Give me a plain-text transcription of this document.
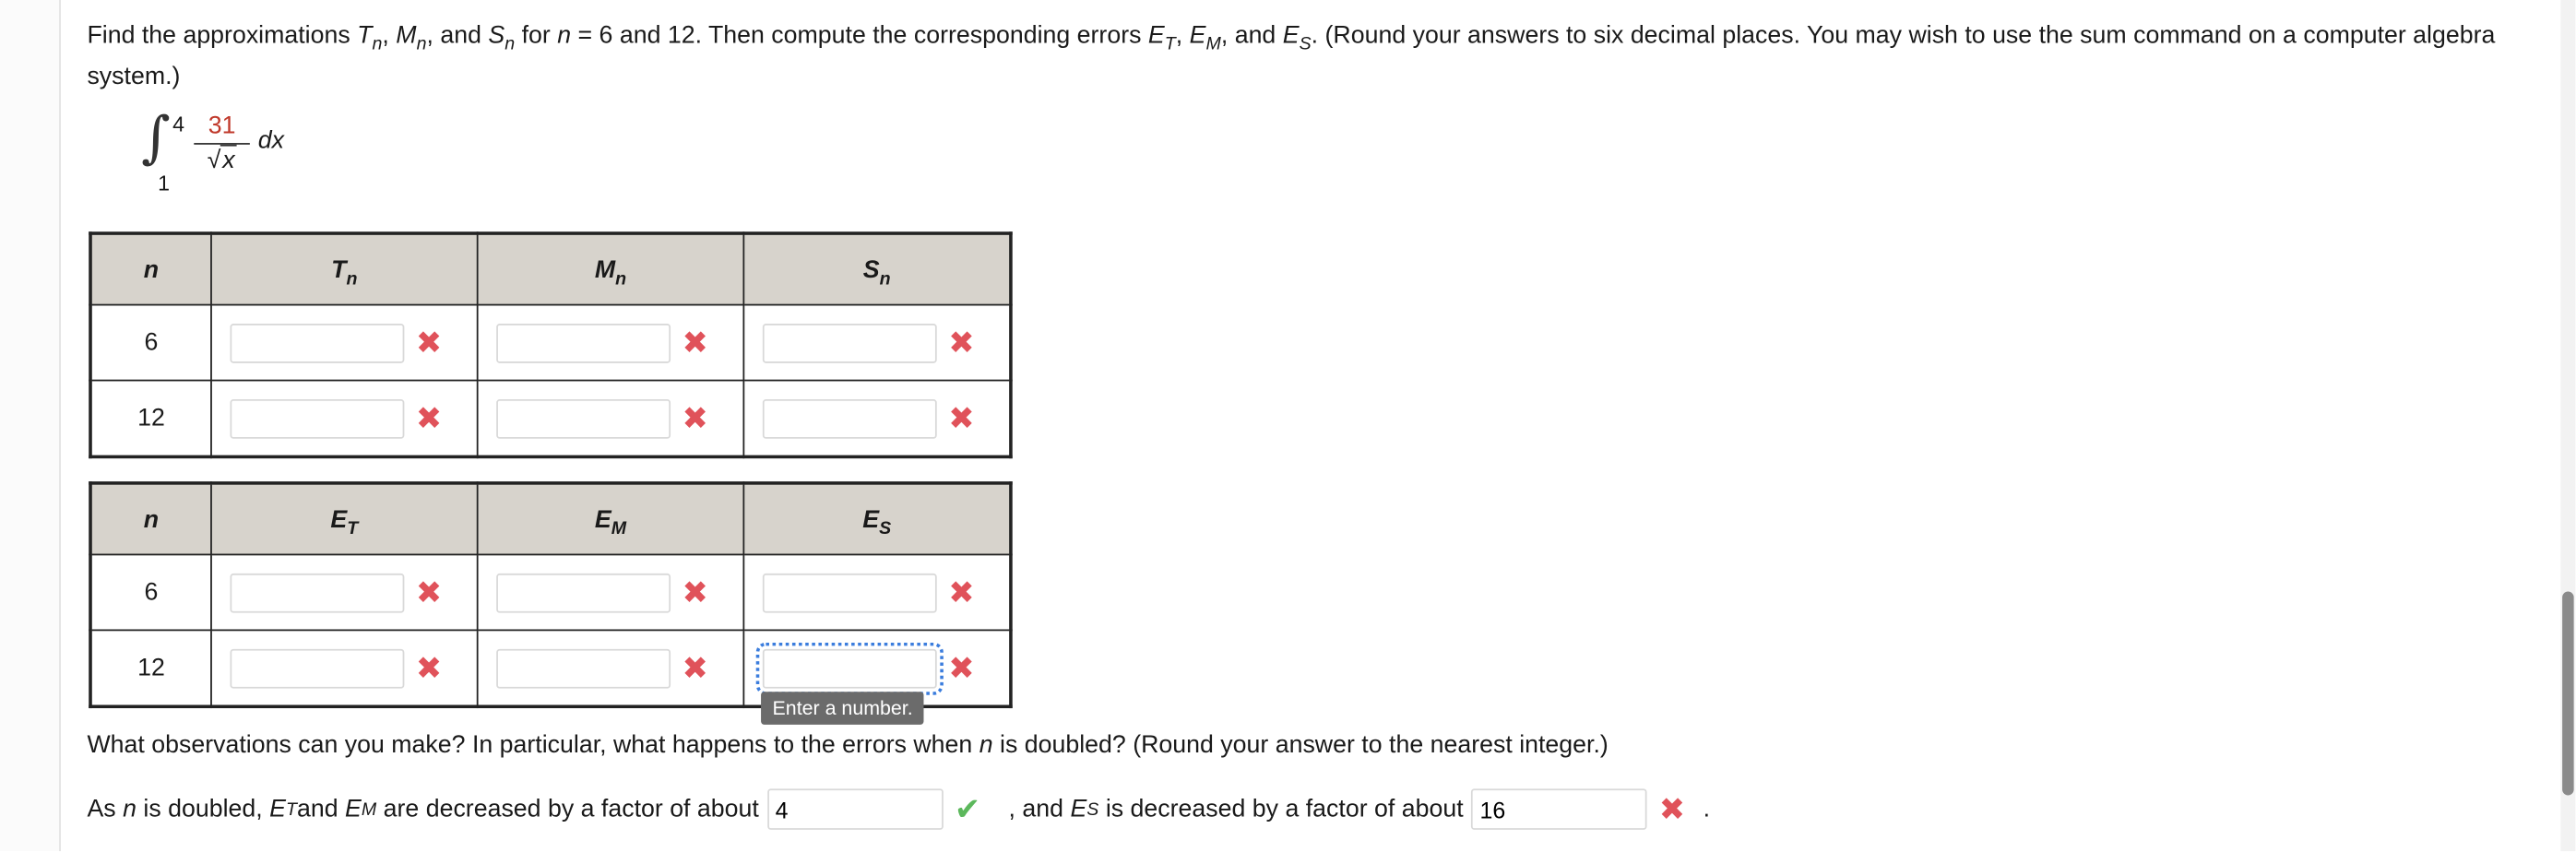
Find the approximations $T_n$, $M_n$, and $S_n$ for n = 6 and 12. Then compute the corresponding errors $E_T$, $E_M$, and $E_S$. (Round your answers to six decimal places. You may wish to use the sum command on a computer algebra system.)

∫ 4
1
$\frac{31}{√ x}$ dx
n	$T_n$	$M_n$	$S_n$
6	✖	✖	✖

12	✖	✖	✖
n	$E_T$	$E_M$	$E_S$
6	✖	✖	✖

12	✖	✖	✖
Enter a number.

What observations can you make? In particular, what happens to the errors when n is doubled? (Round your answer to the nearest integer.)

As
n
is doubled,
E T and
E M
are decreased by a factor of about
4	✔ , and
E S
is decreased by a factor of about
16	✖ .
